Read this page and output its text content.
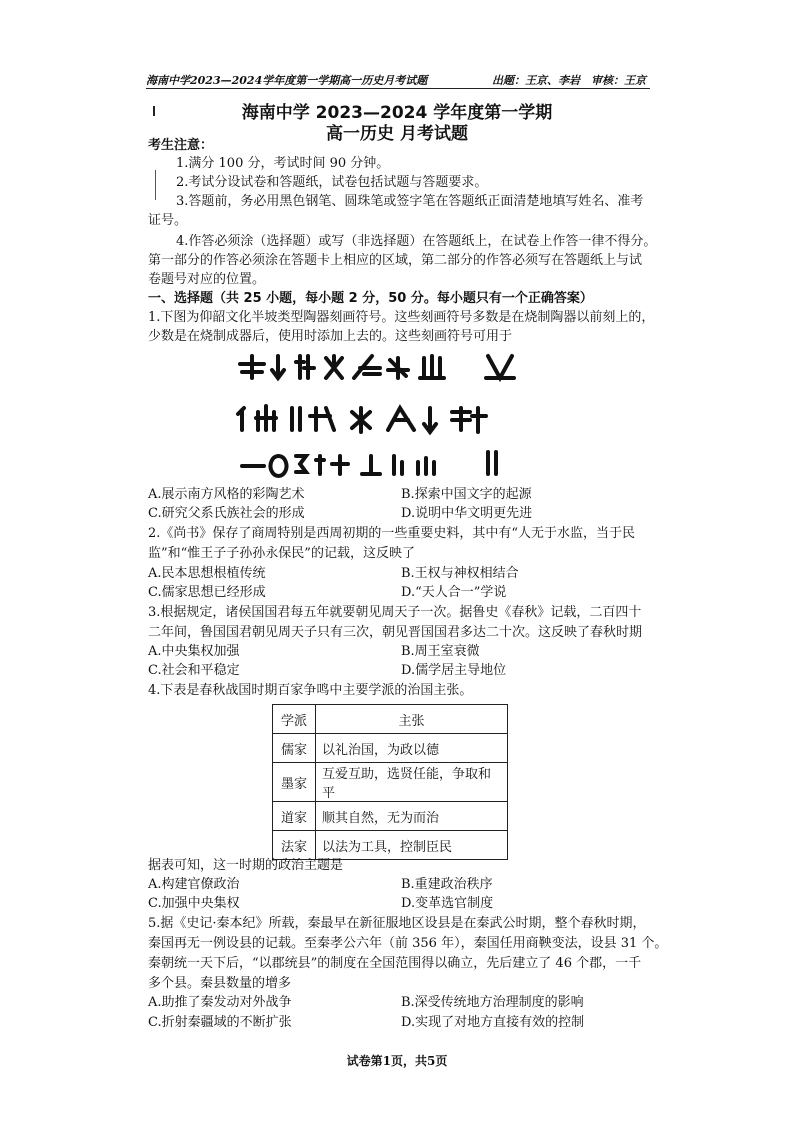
海南中学2023—2024学年度第一学期高一历史月考试题	出题：王京、李岩　审核：王京
海南中学 2023—2024 学年度第一学期
高一历史 月考试题
考生注意：
1.满分 100 分，考试时间 90 分钟。
2.考试分设试卷和答题纸，试卷包括试题与答题要求。
3.答题前，务必用黑色钢笔、圆珠笔或签字笔在答题纸正面清楚地填写姓名、准考
证号。
4.作答必须涂（选择题）或写（非选择题）在答题纸上，在试卷上作答一律不得分。
第一部分的作答必须涂在答题卡上相应的区域，第二部分的作答必须写在答题纸上与试
卷题号对应的位置。
一、选择题（共 25 小题，每小题 2 分，50 分。每小题只有一个正确答案）
1.下图为仰韶文化半坡类型陶器刻画符号。这些刻画符号多数是在烧制陶器以前刻上的，
少数是在烧制成器后，使用时添加上去的。这些刻画符号可用于
A.展示南方风格的彩陶艺术	B.探索中国文字的起源
C.研究父系氏族社会的形成	D.说明中华文明更先进
2.《尚书》保存了商周特别是西周初期的一些重要史料，其中有“人无于水监，当于民
监”和“惟王子子孙孙永保民”的记载，这反映了
A.民本思想根植传统	B.王权与神权相结合
C.儒家思想已经形成	D.“天人合一”学说
3.根据规定，诸侯国国君每五年就要朝见周天子一次。据鲁史《春秋》记载，二百四十
二年间，鲁国国君朝见周天子只有三次，朝见晋国国君多达二十次。这反映了春秋时期
A.中央集权加强	B.周王室衰微
C.社会和平稳定	D.儒学居主导地位
4.下表是春秋战国时期百家争鸣中主要学派的治国主张。
学派	主张
儒家	以礼治国，为政以德
墨家	互爱互助，选贤任能，争取和平
道家	顺其自然，无为而治
法家	以法为工具，控制臣民
据表可知，这一时期的政治主题是
A.构建官僚政治	B.重建政治秩序
C.加强中央集权	D.变革选官制度
5.据《史记·秦本纪》所载，秦最早在新征服地区设县是在秦武公时期，整个春秋时期，
秦国再无一例设县的记载。至秦孝公六年（前 356 年），秦国任用商鞅变法，设县 31 个。
秦朝统一天下后，“以郡统县”的制度在全国范围得以确立，先后建立了 46 个郡，一千
多个县。秦县数量的增多
A.助推了秦发动对外战争	B.深受传统地方治理制度的影响
C.折射秦疆域的不断扩张	D.实现了对地方直接有效的控制
试卷第1页，共5页
